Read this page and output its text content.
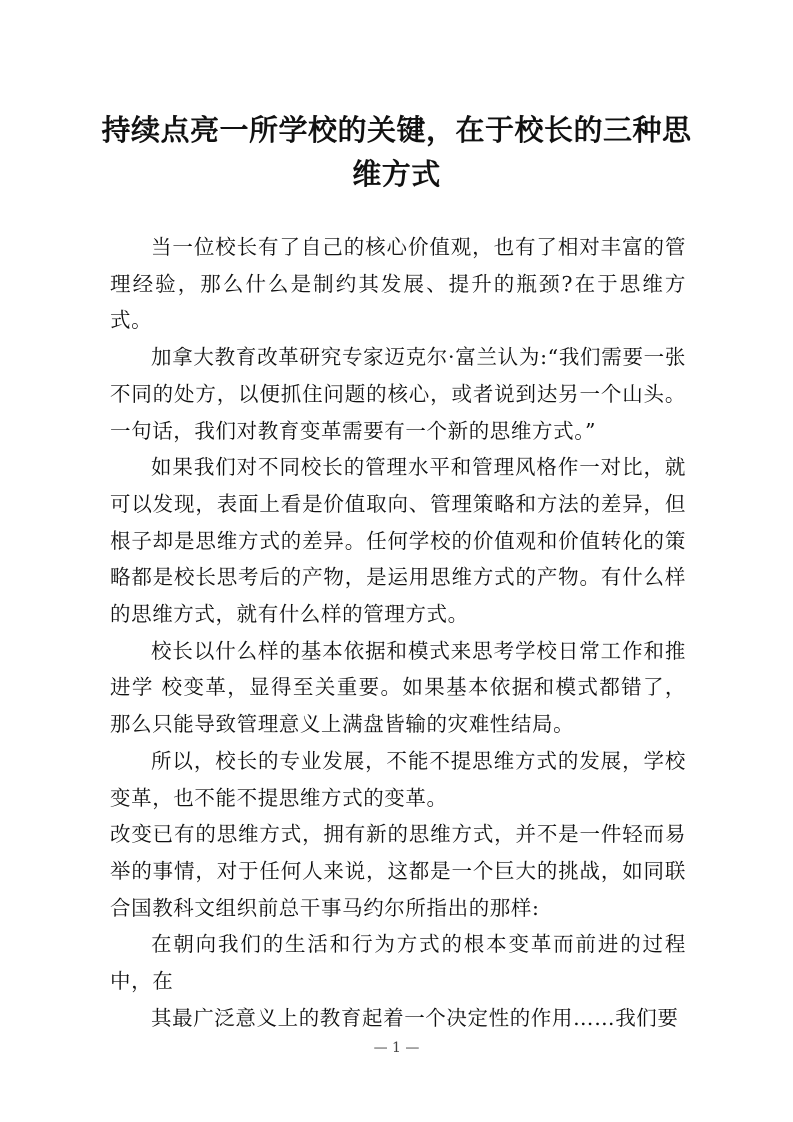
持续点亮一所学校的关键，在于校长的三种思维方式

当一位校长有了自己的核心价值观，也有了相对丰富的管理经验，那么什么是制约其发展、提升的瓶颈?在于思维方式。

加拿大教育改革研究专家迈克尔·富兰认为:“我们需要一张不同的处方，以便抓住问题的核心，或者说到达另一个山头。一句话，我们对教育变革需要有一个新的思维方式。”

如果我们对不同校长的管理水平和管理风格作一对比，就可以发现，表面上看是价值取向、管理策略和方法的差异，但根子却是思维方式的差异。任何学校的价值观和价值转化的策略都是校长思考后的产物，是运用思维方式的产物。有什么样的思维方式，就有什么样的管理方式。

校长以什么样的基本依据和模式来思考学校日常工作和推进学 校变革，显得至关重要。如果基本依据和模式都错了，那么只能导致管理意义上满盘皆输的灾难性结局。

所以，校长的专业发展，不能不提思维方式的发展，学校变革，也不能不提思维方式的变革。

改变已有的思维方式，拥有新的思维方式，并不是一件轻而易举的事情，对于任何人来说，这都是一个巨大的挑战，如同联合国教科文组织前总干事马约尔所指出的那样:

在朝向我们的生活和行为方式的根本变革而前进的过程中，在

其最广泛意义上的教育起着一个决定性的作用……我们要

— 1 —
